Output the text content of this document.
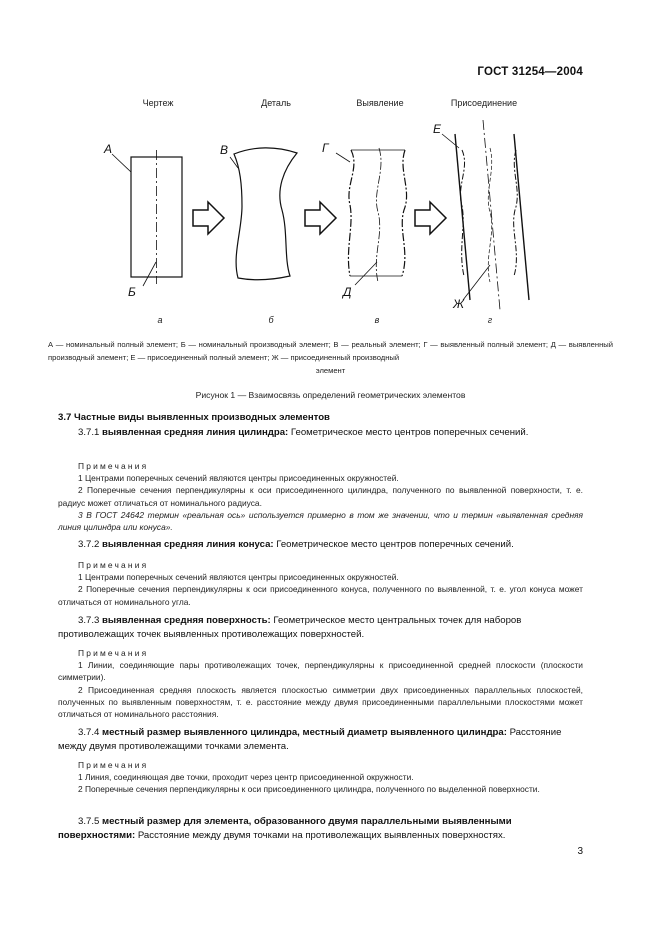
ГОСТ 31254—2004
Чертеж	Деталь	Выявление	Присоединение
А
Б
В	Г
Д
Е
Ж
а	б	в	г
А — номинальный полный элемент; Б — номинальный производный элемент; В — реальный элемент; Г — выявленный полный элемент; Д — выявленный производный элемент; Е — присоединенный полный элемент; Ж — присоединенный производный
элемент
Рисунок 1 — Взаимосвязь определений геометрических элементов
3.7 Частные виды выявленных производных элементов
3.7.1 выявленная средняя линия цилиндра: Геометрическое место центров поперечных сечений.
Примечания
1 Центрами поперечных сечений являются центры присоединенных окружностей.
2 Поперечные сечения перпендикулярны к оси присоединенного цилиндра, полученного по выявленной поверхности, т. е. радиус может отличаться от номинального радиуса.
3 В ГОСТ 24642 термин «реальная ось» используется примерно в том же значении, что и термин «выявленная средняя линия цилиндра или конуса».
3.7.2 выявленная средняя линия конуса: Геометрическое место центров поперечных сечений.
Примечания
1 Центрами поперечных сечений являются центры присоединенных окружностей.
2 Поперечные сечения перпендикулярны к оси присоединенного конуса, полученного по выявленной, т. е. угол конуса может отличаться от номинального угла.
3.7.3 выявленная средняя поверхность: Геометрическое место центральных точек для наборов противолежащих точек выявленных противолежащих поверхностей.
Примечания
1 Линии, соединяющие пары противолежащих точек, перпендикулярны к присоединенной средней плоскости (плоскости симметрии).
2 Присоединенная средняя плоскость является плоскостью симметрии двух присоединенных параллельных плоскостей, полученных по выявленным поверхностям, т. е. расстояние между двумя присоединенными параллельными плоскостями может отличаться от номинального расстояния.
3.7.4 местный размер выявленного цилиндра, местный диаметр выявленного цилиндра: Расстояние между двумя противолежащими точками элемента.
Примечания
1 Линия, соединяющая две точки, проходит через центр присоединенной окружности.
2 Поперечные сечения перпендикулярны к оси присоединенного цилиндра, полученного по выделенной поверхности.
3.7.5 местный размер для элемента, образованного двумя параллельными выявленными поверхностями: Расстояние между двумя точками на противолежащих выявленных поверхностях.
3
